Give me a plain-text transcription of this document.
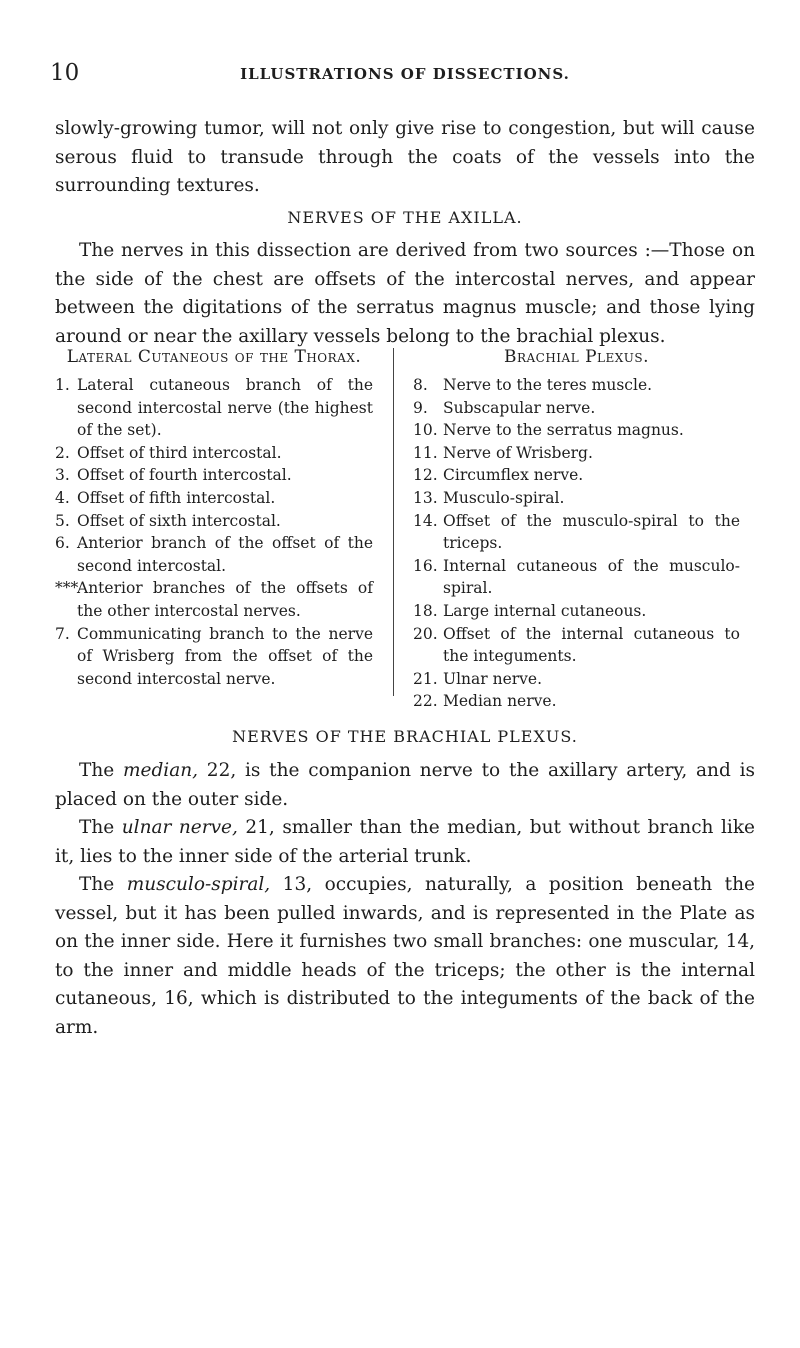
10	ILLUSTRATIONS OF DISSECTIONS.

slowly-growing tumor, will not only give rise to congestion, but will cause serous fluid to transude through the coats of the vessels into the surrounding textures.

NERVES OF THE AXILLA.

The nerves in this dissection are derived from two sources :—Those on the side of the chest are offsets of the intercostal nerves, and appear between the digitations of the serratus magnus muscle; and those lying around or near the axillary vessels belong to the brachial plexus.

Lateral Cutaneous of the Thorax.

1. Lateral cutaneous branch of the second intercostal nerve (the highest of the set).
2. Offset of third intercostal.
3. Offset of fourth intercostal.
4. Offset of fifth intercostal.
5. Offset of sixth intercostal.
6. Anterior branch of the offset of the second intercostal.
***
Anterior branches of the offsets of the other intercostal nerves.
7. Communicating branch to the nerve of Wrisberg from the offset of the second intercostal nerve.

Brachial Plexus.

8. Nerve to the teres muscle.
9. Subscapular nerve.
10. Nerve to the serratus magnus.
11. Nerve of Wrisberg.
12. Circumflex nerve.
13. Musculo-spiral.
14. Offset of the musculo-spiral to the triceps.
16. Internal cutaneous of the musculo-spiral.
18. Large internal cutaneous.
20. Offset of the internal cutaneous to the integuments.
21. Ulnar nerve.
22. Median nerve.

NERVES OF THE BRACHIAL PLEXUS.

The median, 22, is the companion nerve to the axillary artery, and is placed on the outer side.

The ulnar nerve, 21, smaller than the median, but without branch like it, lies to the inner side of the arterial trunk.

The musculo-spiral, 13, occupies, naturally, a position beneath the vessel, but it has been pulled inwards, and is represented in the Plate as on the inner side. Here it furnishes two small branches: one muscular, 14, to the inner and middle heads of the triceps; the other is the internal cutaneous, 16, which is distributed to the integuments of the back of the arm.
